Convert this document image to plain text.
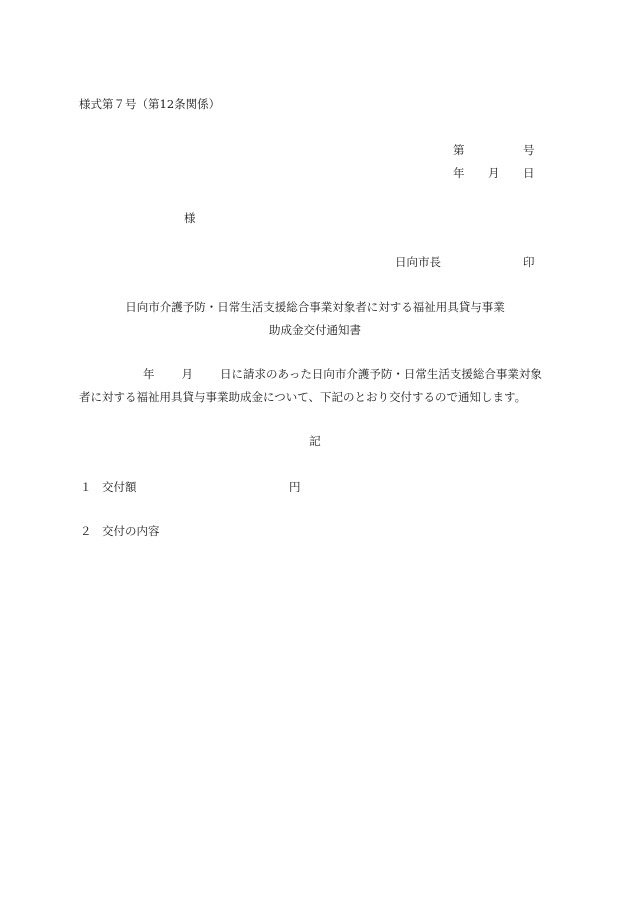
様式第７号（第12条関係）
第	号
年 月 日
様
日向市長	印
日向市介護予防・日常生活支援総合事業対象者に対する福祉用具貸与事業
助成金交付通知書
年 月 日に請求のあった日向市介護予防・日常生活支援総合事業対象
者に対する福祉用具貸与事業助成金について、下記のとおり交付するので通知します。
記
１ 交付額	円
２ 交付の内容
